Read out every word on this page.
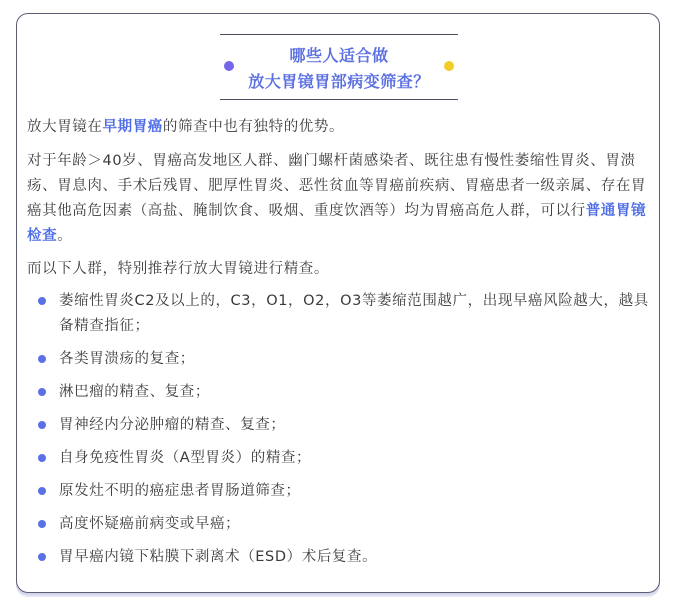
哪些人适合做
放大胃镜胃部病变筛查？

放大胃镜在早期胃癌的筛查中也有独特的优势。

对于年龄＞40岁、胃癌高发地区人群、幽门螺杆菌感染者、既往患有慢性萎缩性胃炎、胃溃疡、胃息肉、手术后残胃、肥厚性胃炎、恶性贫血等胃癌前疾病、胃癌患者一级亲属、存在胃癌其他高危因素（高盐、腌制饮食、吸烟、重度饮酒等）均为胃癌高危人群，可以行普通胃镜检查。

而以下人群，特别推荐行放大胃镜进行精查。

萎缩性胃炎C2及以上的，C3，O1，O2，O3等萎缩范围越广，出现早癌风险越大，越具备精查指征；
各类胃溃疡的复查；
淋巴瘤的精查、复查；
胃神经内分泌肿瘤的精查、复查；
自身免疫性胃炎（A型胃炎）的精查；
原发灶不明的癌症患者胃肠道筛查；
高度怀疑癌前病变或早癌；
胃早癌内镜下粘膜下剥离术（ESD）术后复查。
